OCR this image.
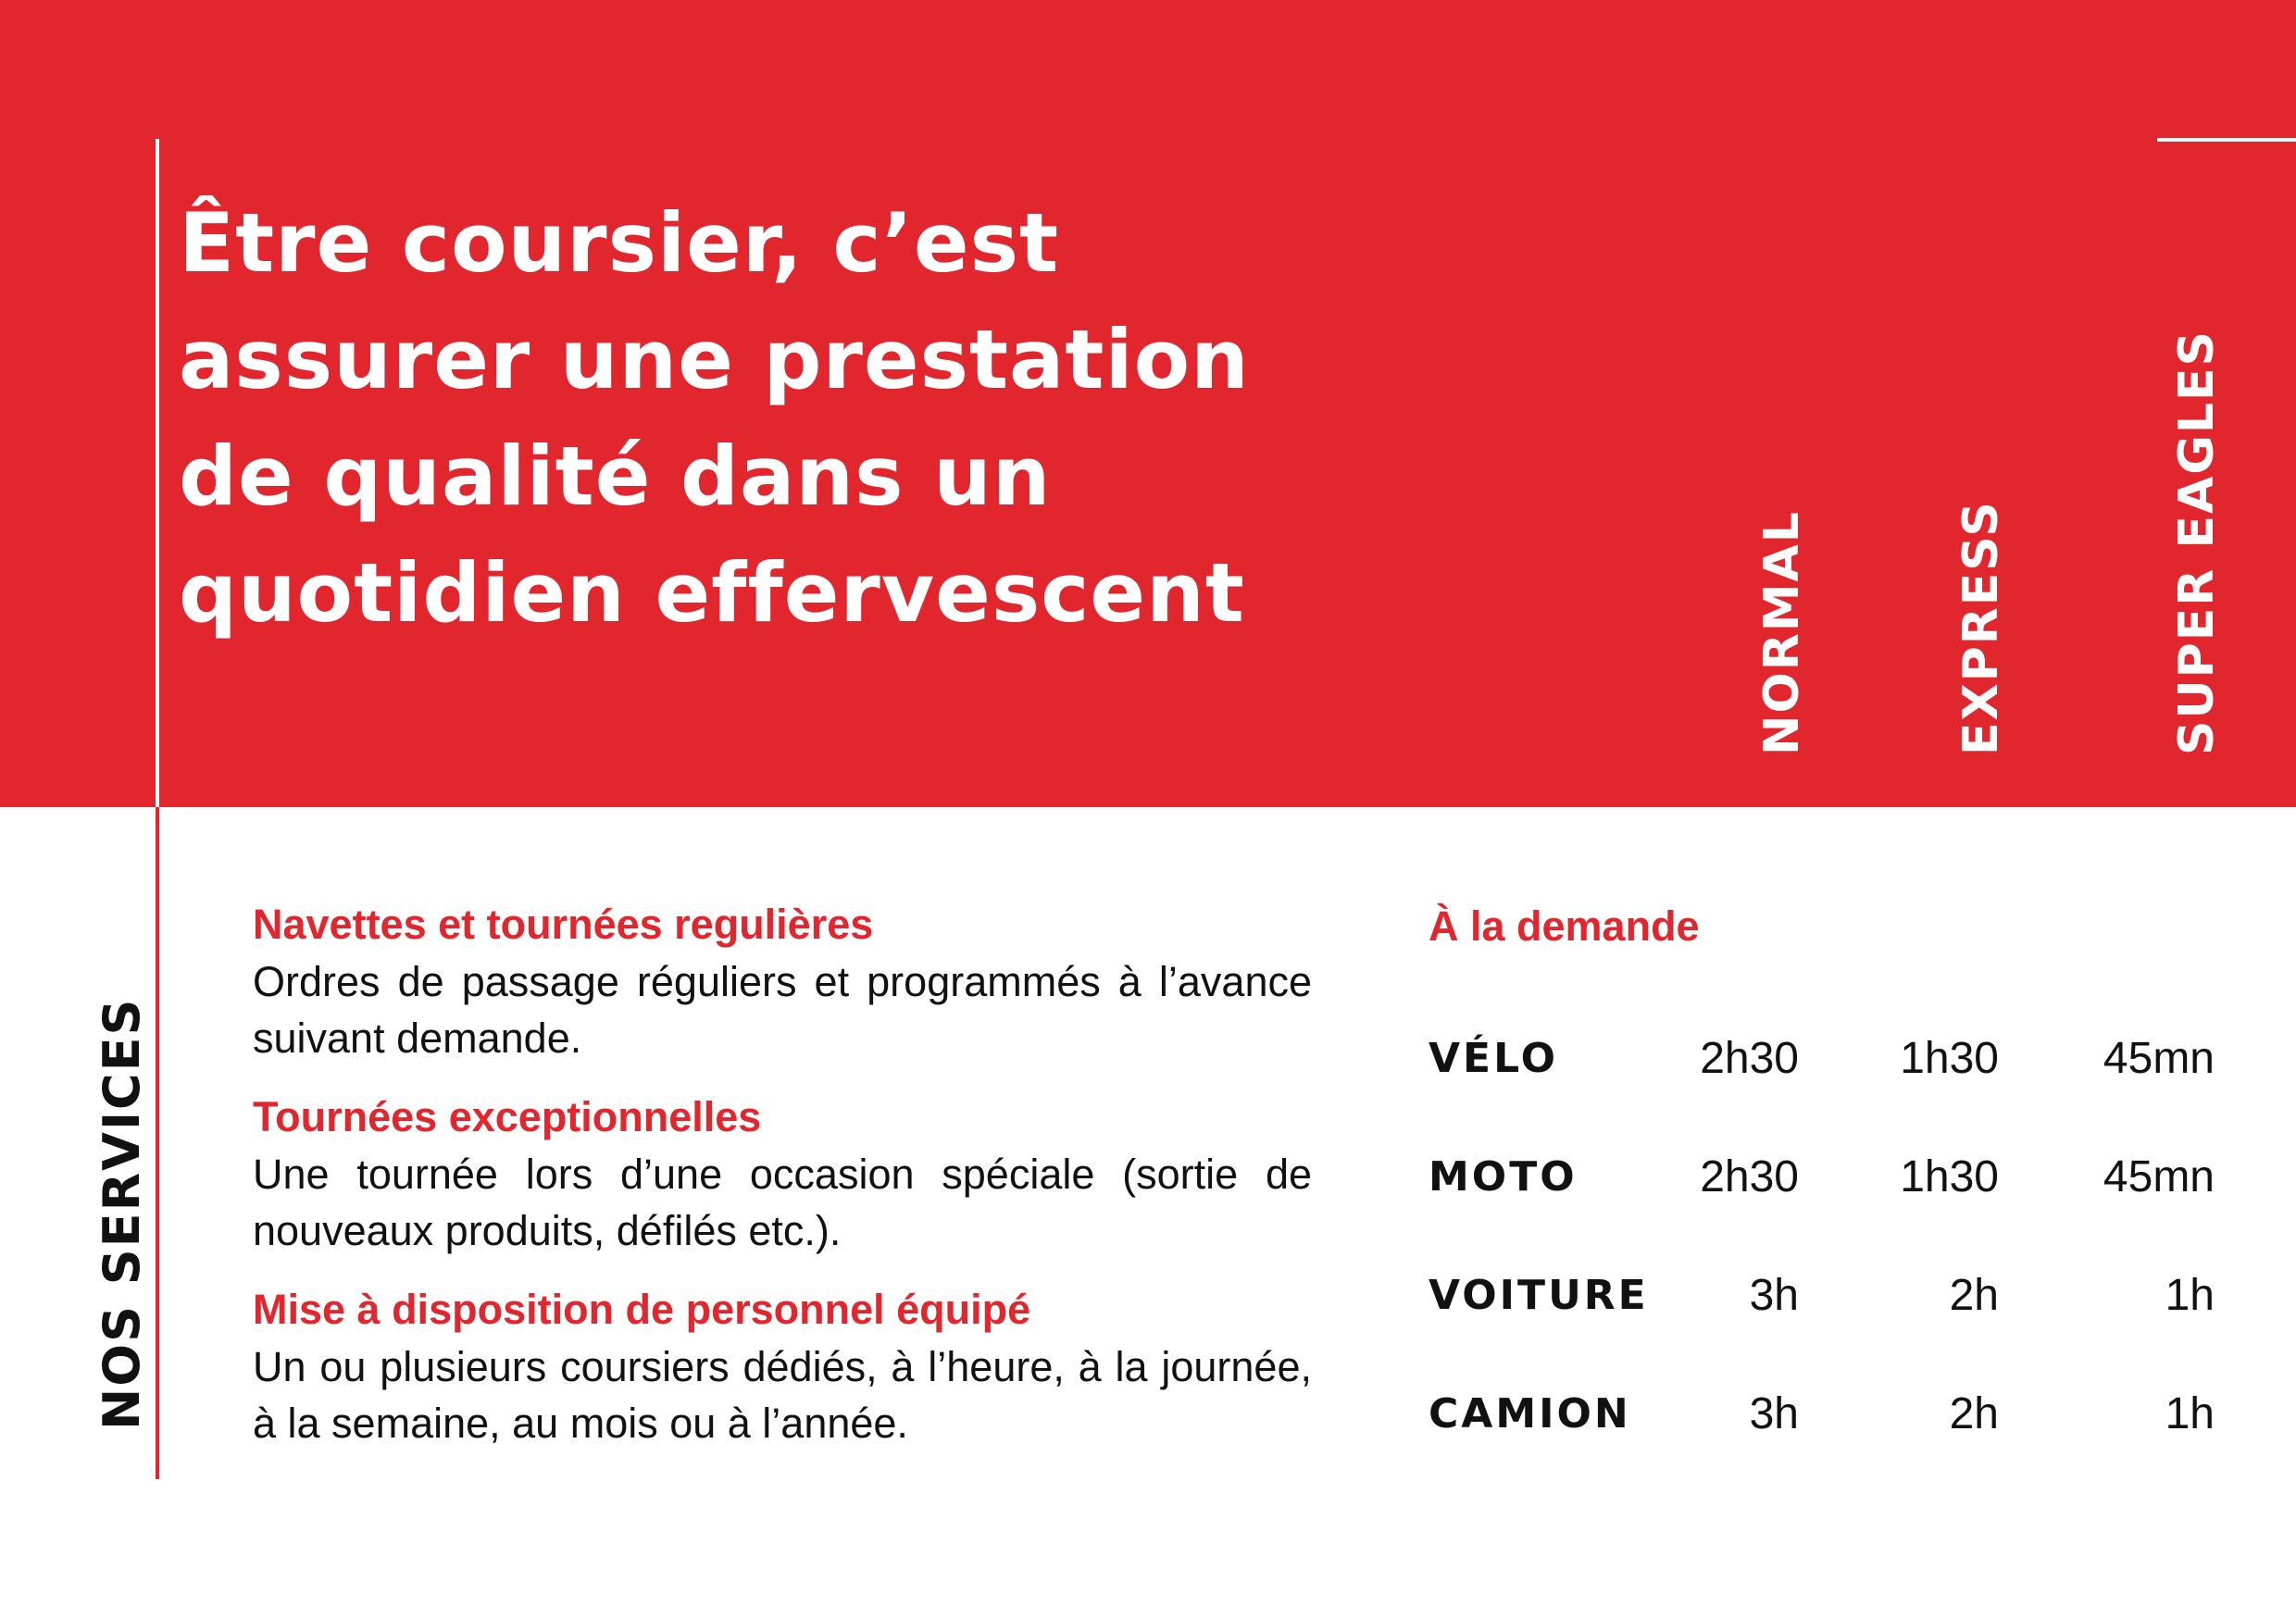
Être coursier, c’est
assurer une prestation
de qualité dans un
quotidien effervescent	NORMAL	EXPRESS	SUPER EAGLES
NOS SERVICES
Navettes et tournées regulières
Ordres de passage réguliers et programmés à l’avance suivant demande.
Tournées exceptionnelles
Une tournée lors d’une occasion spéciale (sortie de nouveaux produits, défilés etc.).
Mise à disposition de personnel équipé
Un ou plusieurs coursiers dédiés, à l’heure, à la journée, à la semaine, au mois ou à l’année.
À la demande
VÉLO	2h30	1h30	45mn
MOTO	2h30	1h30	45mn
VOITURE	3h	2h	1h
CAMION	3h	2h	1h
